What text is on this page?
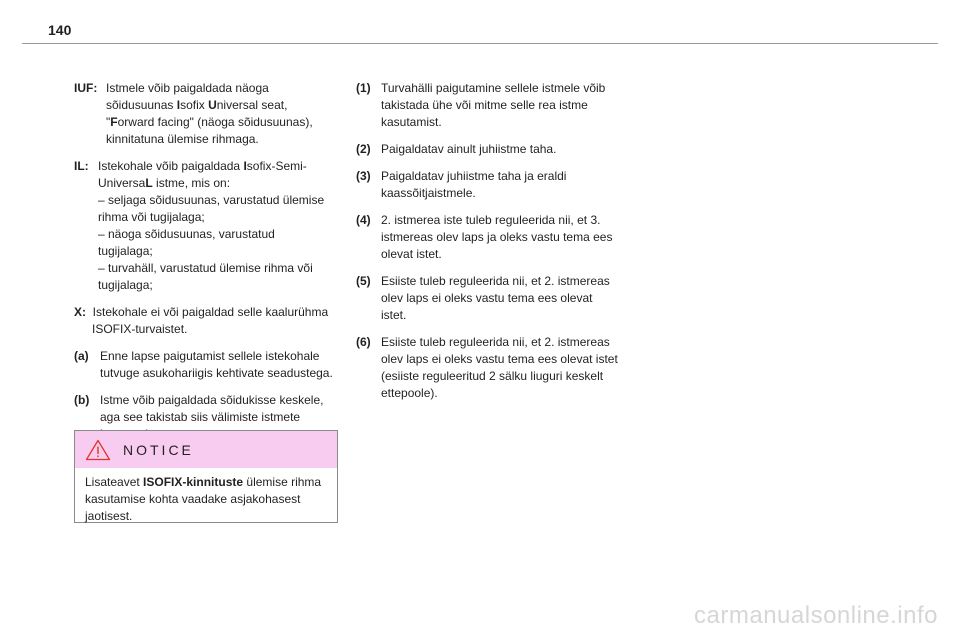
140
IUF: Istmele võib paigaldada näoga

sõidusuunas Isofix Universal seat,

"Forward facing" (näoga sõidusuunas),

kinnitatuna ülemise rihmaga.

IL: Istekohale võib paigaldada Isofix-Semi-

UniversaL istme, mis on:

– seljaga sõidusuunas, varustatud ülemise

rihma või tugijalaga;

– näoga sõidusuunas, varustatud

tugijalaga;

– turvahäll, varustatud ülemise rihma või

tugijalaga;

X: Istekohale ei või paigaldad selle kaalurühma
ISOFIX-turvaistet.
(a) Enne lapse paigutamist sellele istekohale

tutvuge asukohariigis kehtivate seadustega.

(b) Istme võib paigaldada sõidukisse keskele,

aga see takistab siis välimiste istmete

NOTICE

Lisateavet ISOFIX-kinnituste ülemise rihma

kasutamise kohta vaadake asjakohasest

jaotisest.

(1) Turvahälli paigutamine sellele istmele võib

takistada ühe või mitme selle rea istme

kasutamist.

(2) Paigaldatav ainult juhiistme taha.

(3) Paigaldatav juhiistme taha ja eraldi

kaassõitjaistmele.

(4) 2. istmerea iste tuleb reguleerida nii, et 3.

istmereas olev laps ja oleks vastu tema ees

olevat istet.

(5) Esiiste tuleb reguleerida nii, et 2. istmereas

olev laps ei oleks vastu tema ees olevat

istet.

(6) Esiiste tuleb reguleerida nii, et 2. istmereas

olev laps ei oleks vastu tema ees olevat istet

(esiiste reguleeritud 2 sälku liuguri keskelt

ettepoole).

carmanualsonline.info
